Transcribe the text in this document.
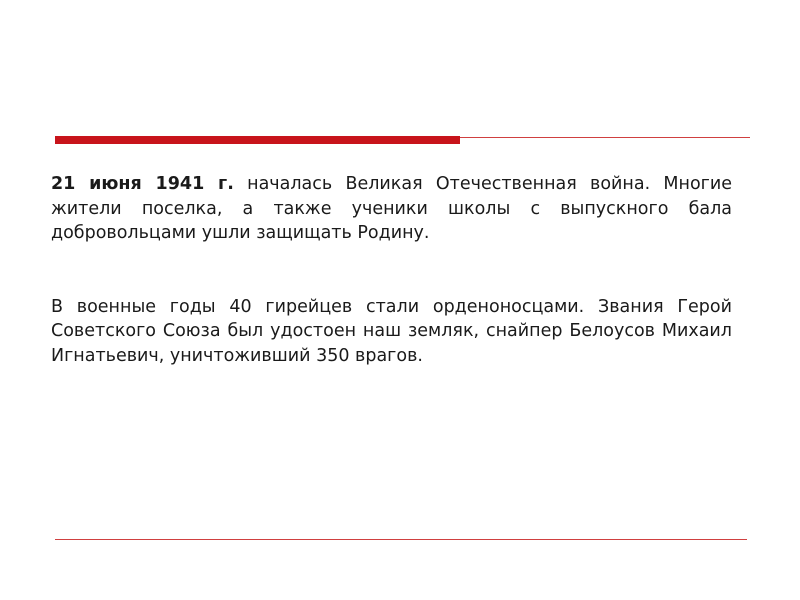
21 июня 1941 г. началась Великая Отечественная война. Многие жители поселка, а также ученики школы с выпускного бала добровольцами ушли защищать Родину.

В военные годы 40 гирейцев стали орденоносцами. Звания Герой Советского Союза был удостоен наш земляк, снайпер Белоусов Михаил Игнатьевич, уничтоживший 350 врагов.
